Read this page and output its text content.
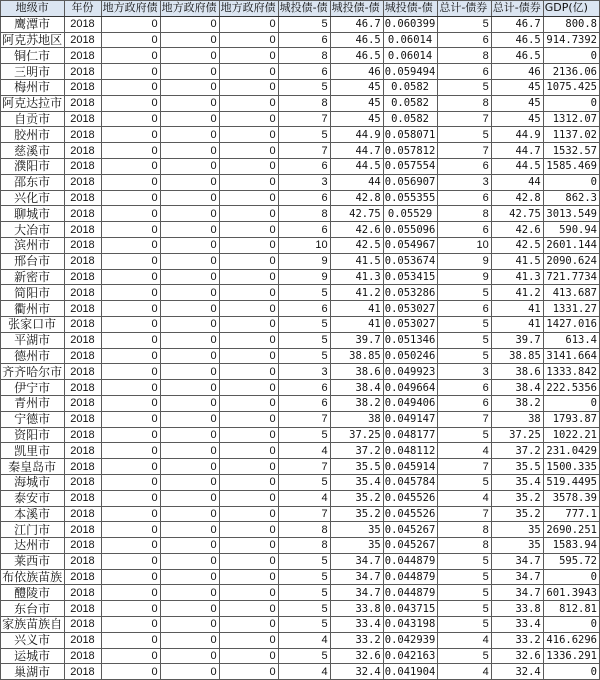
地级市	年份	地方政府债	地方政府债	地方政府债	城投债-债	城投债-债	城投债-债	总计-债券	总计-债券	GDP(亿)
鹰潭市	2018	0	0	0	5	46.7	0.060399	5	46.7	800.8
阿克苏地区	2018	0	0	0	6	46.5	0.06014	6	46.5	914.7392
铜仁市	2018	0	0	0	8	46.5	0.06014	8	46.5	0
三明市	2018	0	0	0	6	46	0.059494	6	46	2136.06
梅州市	2018	0	0	0	5	45	0.0582	5	45	1075.425
阿克达拉市	2018	0	0	0	8	45	0.0582	8	45	0
自贡市	2018	0	0	0	7	45	0.0582	7	45	1312.07
胶州市	2018	0	0	0	5	44.9	0.058071	5	44.9	1137.02
慈溪市	2018	0	0	0	7	44.7	0.057812	7	44.7	1532.57
濮阳市	2018	0	0	0	6	44.5	0.057554	6	44.5	1585.469
邵东市	2018	0	0	0	3	44	0.056907	3	44	0
兴化市	2018	0	0	0	6	42.8	0.055355	6	42.8	862.3
聊城市	2018	0	0	0	8	42.75	0.05529	8	42.75	3013.549
大冶市	2018	0	0	0	6	42.6	0.055096	6	42.6	590.94
滨州市	2018	0	0	0	10	42.5	0.054967	10	42.5	2601.144
邢台市	2018	0	0	0	9	41.5	0.053674	9	41.5	2090.624
新密市	2018	0	0	0	9	41.3	0.053415	9	41.3	721.7734
简阳市	2018	0	0	0	5	41.2	0.053286	5	41.2	413.687
衢州市	2018	0	0	0	6	41	0.053027	6	41	1331.27
张家口市	2018	0	0	0	5	41	0.053027	5	41	1427.016
平湖市	2018	0	0	0	5	39.7	0.051346	5	39.7	613.4
德州市	2018	0	0	0	5	38.85	0.050246	5	38.85	3141.664
齐齐哈尔市	2018	0	0	0	3	38.6	0.049923	3	38.6	1333.842
伊宁市	2018	0	0	0	6	38.4	0.049664	6	38.4	222.5356
青州市	2018	0	0	0	6	38.2	0.049406	6	38.2	0
宁德市	2018	0	0	0	7	38	0.049147	7	38	1793.87
资阳市	2018	0	0	0	5	37.25	0.048177	5	37.25	1022.21
凯里市	2018	0	0	0	4	37.2	0.048112	4	37.2	231.0429
秦皇岛市	2018	0	0	0	7	35.5	0.045914	7	35.5	1500.335
海城市	2018	0	0	0	5	35.4	0.045784	5	35.4	519.4495
泰安市	2018	0	0	0	4	35.2	0.045526	4	35.2	3578.39
本溪市	2018	0	0	0	7	35.2	0.045526	7	35.2	777.1
江门市	2018	0	0	0	8	35	0.045267	8	35	2690.251
达州市	2018	0	0	0	8	35	0.045267	8	35	1583.94
莱西市	2018	0	0	0	5	34.7	0.044879	5	34.7	595.72
布依族苗族	2018	0	0	0	5	34.7	0.044879	5	34.7	0
醴陵市	2018	0	0	0	5	34.7	0.044879	5	34.7	601.3943
东台市	2018	0	0	0	5	33.8	0.043715	5	33.8	812.81
家族苗族自	2018	0	0	0	5	33.4	0.043198	5	33.4	0
兴义市	2018	0	0	0	4	33.2	0.042939	4	33.2	416.6296
运城市	2018	0	0	0	5	32.6	0.042163	5	32.6	1336.291
巢湖市	2018	0	0	0	4	32.4	0.041904	4	32.4	0
